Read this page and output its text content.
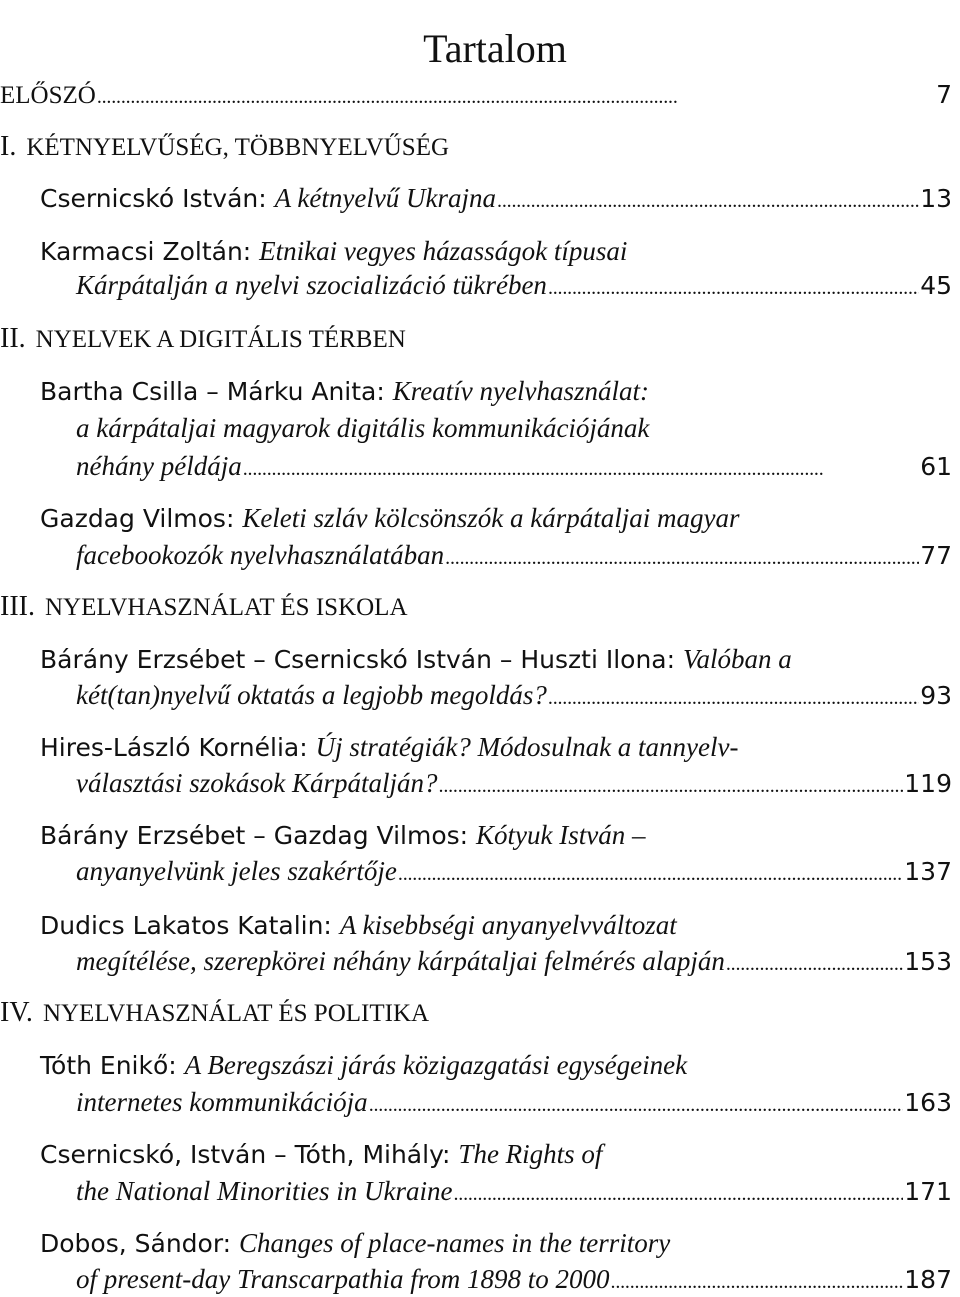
Tartalom
ELŐSZÓ . . .	7
I. KÉTNYELVŰSÉG, TÖBBNYELVŰSÉG
Csernicskó István: A kétnyelvű Ukrajna . . .	13
Karmacsi Zoltán: Etnikai vegyes házasságok típusai
Kárpátalján a nyelvi szocializáció tükrében . . .	45
II. NYELVEK A DIGITÁLIS TÉRBEN
Bartha Csilla – Márku Anita: Kreatív nyelvhasználat:
a kárpátaljai magyarok digitális kommunikációjának
néhány példája . . .	61
Gazdag Vilmos: Keleti szláv kölcsönszók a kárpátaljai magyar
facebookozók nyelvhasználatában . . .	77
III. NYELVHASZNÁLAT ÉS ISKOLA
Bárány Erzsébet – Csernicskó István – Huszti Ilona: Valóban a
két(tan)nyelvű oktatás a legjobb megoldás? . . .	93
Hires-László Kornélia: Új stratégiák? Módosulnak a tannyelv-
választási szokások Kárpátalján? . . .	119
Bárány Erzsébet – Gazdag Vilmos: Kótyuk István –
anyanyelvünk jeles szakértője . . .	137
Dudics Lakatos Katalin: A kisebbségi anyanyelvváltozat
megítélése, szerepkörei néhány kárpátaljai felmérés alapján . . .	153
IV. NYELVHASZNÁLAT ÉS POLITIKA
Tóth Enikő: A Beregszászi járás közigazgatási egységeinek
internetes kommunikációja . . .	163
Csernicskó, István – Tóth, Mihály: The Rights of
the National Minorities in Ukraine . . .	171
Dobos, Sándor: Changes of place-names in the territory
of present-day Transcarpathia from 1898 to 2000 . . .	187
